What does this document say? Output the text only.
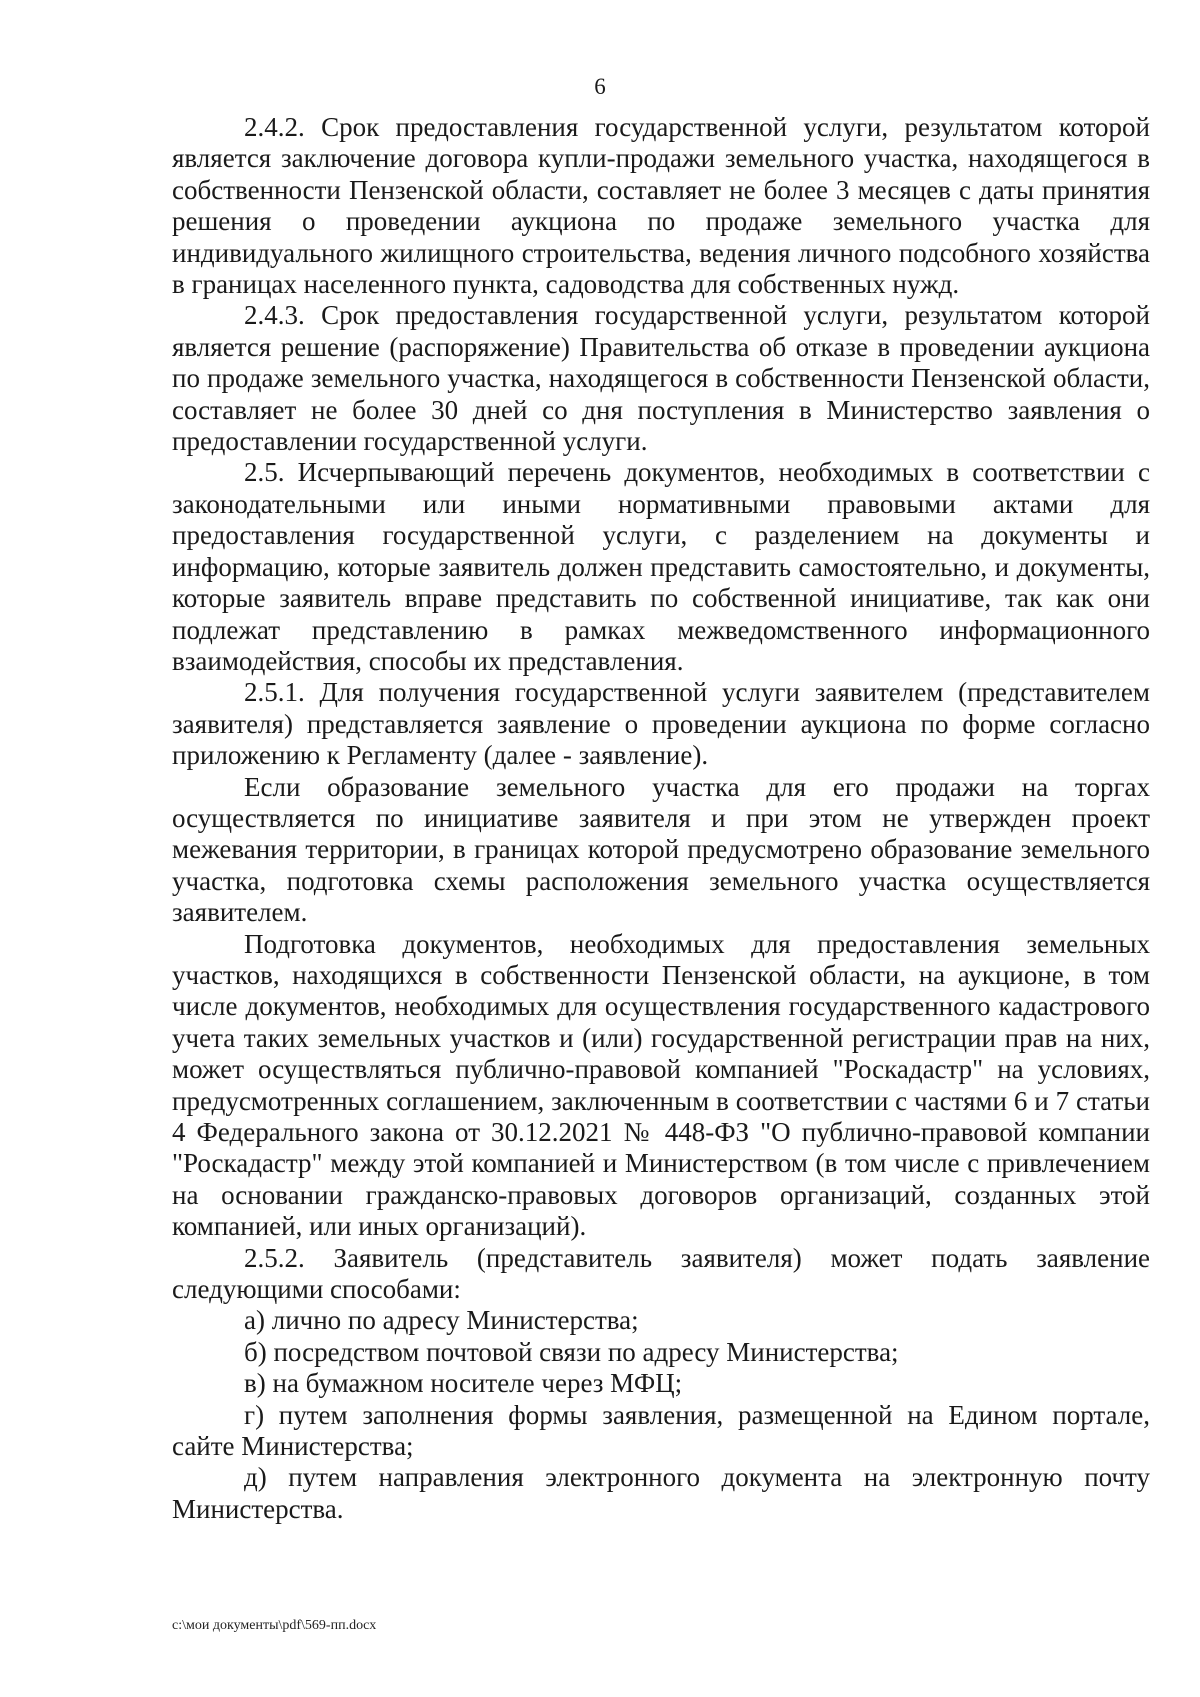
6

2.4.2. Срок предоставления государственной услуги, результатом которой является заключение договора купли-продажи земельного участка, находящегося в собственности Пензенской области, составляет не более 3 месяцев с даты принятия решения о проведении аукциона по продаже земельного участка для индивидуального жилищного строительства, ведения личного подсобного хозяйства в границах населенного пункта, садоводства для собственных нужд.

2.4.3. Срок предоставления государственной услуги, результатом которой является решение (распоряжение) Правительства об отказе в проведении аукциона по продаже земельного участка, находящегося в собственности Пензенской области, составляет не более 30 дней со дня поступления в Министерство заявления о предоставлении государственной услуги.

2.5. Исчерпывающий перечень документов, необходимых в соответствии с законодательными или иными нормативными правовыми актами для предоставления государственной услуги, с разделением на документы и информацию, которые заявитель должен представить самостоятельно, и документы, которые заявитель вправе представить по собственной инициативе, так как они подлежат представлению в рамках межведомственного информационного взаимодействия, способы их представления.

2.5.1. Для получения государственной услуги заявителем (представителем заявителя) представляется заявление о проведении аукциона по форме согласно приложению к Регламенту (далее - заявление).

Если образование земельного участка для его продажи на торгах осуществляется по инициативе заявителя и при этом не утвержден проект межевания территории, в границах которой предусмотрено образование земельного участка, подготовка схемы расположения земельного участка осуществляется заявителем.

Подготовка документов, необходимых для предоставления земельных участков, находящихся в собственности Пензенской области, на аукционе, в том числе документов, необходимых для осуществления государственного кадастрового учета таких земельных участков и (или) государственной регистрации прав на них, может осуществляться публично-правовой компанией "Роскадастр" на условиях, предусмотренных соглашением, заключенным в соответствии с частями 6 и 7 статьи 4 Федерального закона от 30.12.2021 № 448-ФЗ "О публично-правовой компании "Роскадастр" между этой компанией и Министерством (в том числе с привлечением на основании гражданско-правовых договоров организаций, созданных этой компанией, или иных организаций).

2.5.2. Заявитель (представитель заявителя) может подать заявление следующими способами:

а) лично по адресу Министерства;

б) посредством почтовой связи по адресу Министерства;

в) на бумажном носителе через МФЦ;

г) путем заполнения формы заявления, размещенной на Едином портале, сайте Министерства;

д) путем направления электронного документа на электронную почту Министерства.

c:\мои документы\pdf\569-пп.docx
